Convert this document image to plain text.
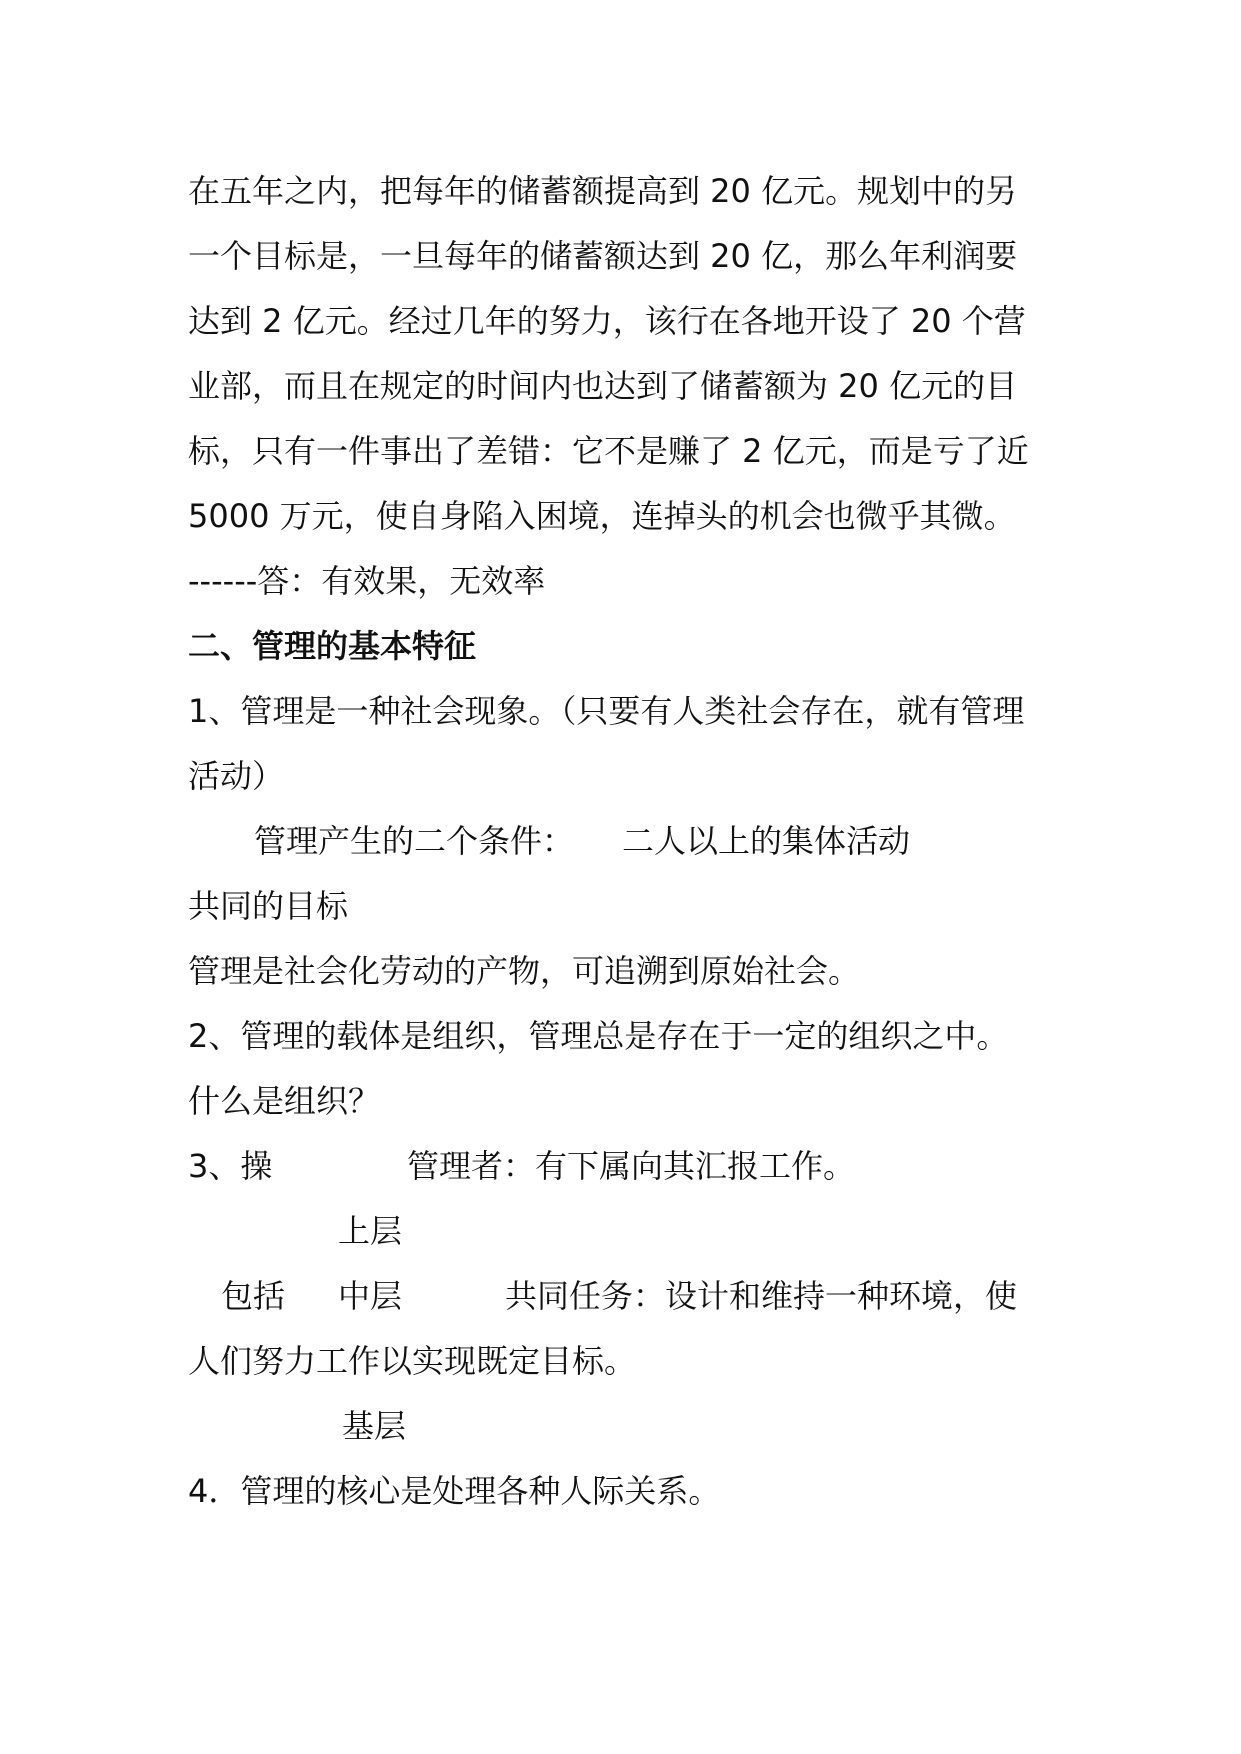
在五年之内，把每年的储蓄额提高到 20 亿元。规划中的另
一个目标是，一旦每年的储蓄额达到 20 亿，那么年利润要
达到 2 亿元。经过几年的努力，该行在各地开设了 20 个营
业部，而且在规定的时间内也达到了储蓄额为 20 亿元的目
标，只有一件事出了差错：它不是赚了 2 亿元，而是亏了近
5000 万元，使自身陷入困境，连掉头的机会也微乎其微。
------答：有效果，无效率
二、管理的基本特征
1、管理是一种社会现象。（只要有人类社会存在，就有管理
活动）
管理产生的二个条件： 二人以上的集体活动
共同的目标
管理是社会化劳动的产物，可追溯到原始社会。
2、管理的载体是组织，管理总是存在于一定的组织之中。
什么是组织？
3、操	管理者：有下属向其汇报工作。
上层
包括 中层	共同任务：设计和维持一种环境，使
人们努力工作以实现既定目标。
基层
4．管理的核心是处理各种人际关系。
